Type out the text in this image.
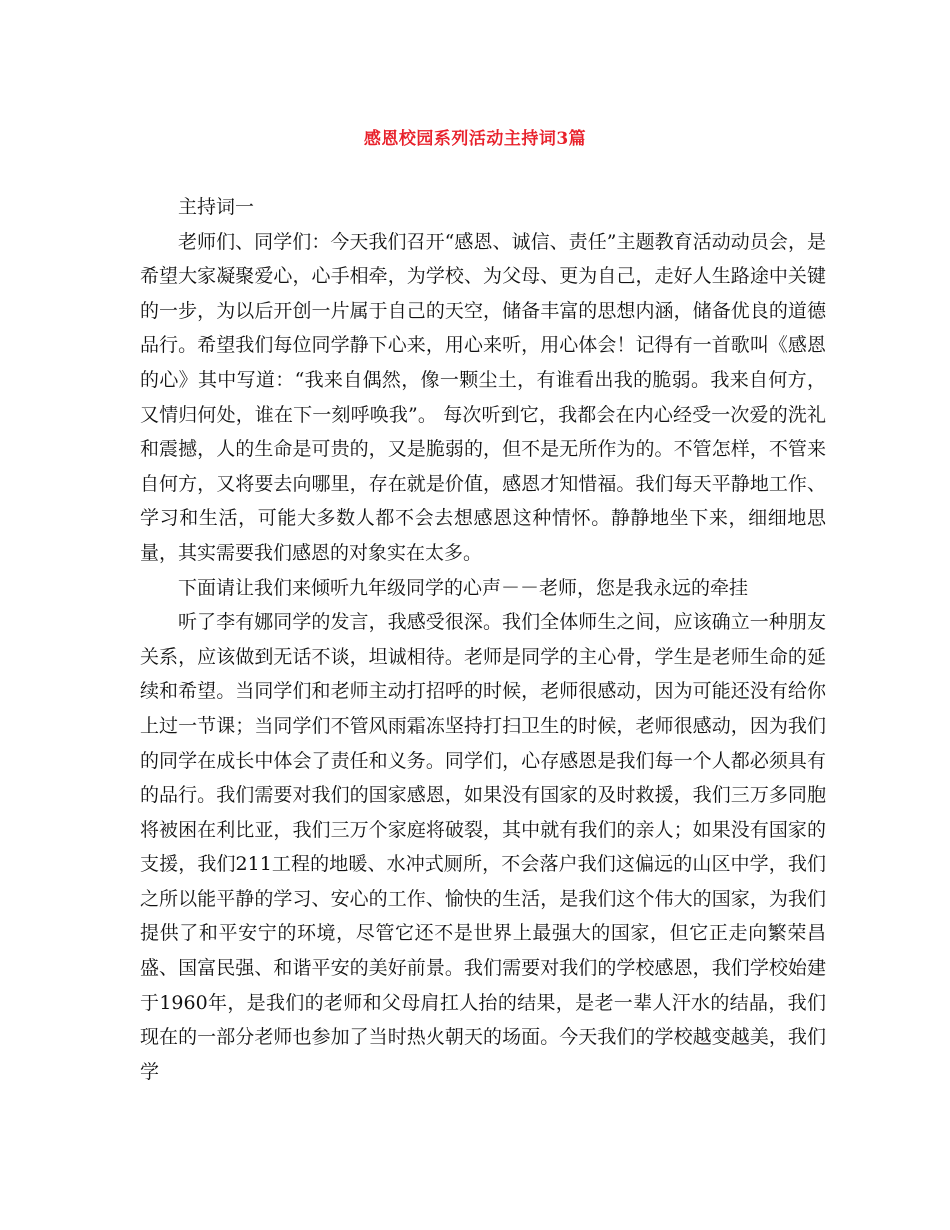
感恩校园系列活动主持词3篇

主持词一

老师们、同学们：今天我们召开“感恩、诚信、责任”主题教育活动动员会，是希望大家凝聚爱心，心手相牵，为学校、为父母、更为自己，走好人生路途中关键的一步，为以后开创一片属于自己的天空，储备丰富的思想内涵，储备优良的道德品行。希望我们每位同学静下心来，用心来听，用心体会！记得有一首歌叫《感恩的心》其中写道：“我来自偶然，像一颗尘土，有谁看出我的脆弱。我来自何方，又情归何处，谁在下一刻呼唤我”。 每次听到它，我都会在内心经受一次爱的洗礼和震撼，人的生命是可贵的，又是脆弱的，但不是无所作为的。不管怎样，不管来自何方，又将要去向哪里，存在就是价值，感恩才知惜福。我们每天平静地工作、学习和生活，可能大多数人都不会去想感恩这种情怀。静静地坐下来，细细地思量，其实需要我们感恩的对象实在太多。

下面请让我们来倾听九年级同学的心声－－老师，您是我永远的牵挂

听了李有娜同学的发言，我感受很深。我们全体师生之间，应该确立一种朋友关系，应该做到无话不谈，坦诚相待。老师是同学的主心骨，学生是老师生命的延续和希望。当同学们和老师主动打招呼的时候，老师很感动，因为可能还没有给你上过一节课；当同学们不管风雨霜冻坚持打扫卫生的时候，老师很感动，因为我们的同学在成长中体会了责任和义务。同学们，心存感恩是我们每一个人都必须具有的品行。我们需要对我们的国家感恩，如果没有国家的及时救援，我们三万多同胞将被困在利比亚，我们三万个家庭将破裂，其中就有我们的亲人；如果没有国家的支援，我们211工程的地暖、水冲式厕所，不会落户我们这偏远的山区中学，我们之所以能平静的学习、安心的工作、愉快的生活，是我们这个伟大的国家，为我们提供了和平安宁的环境，尽管它还不是世界上最强大的国家，但它正走向繁荣昌盛、国富民强、和谐平安的美好前景。我们需要对我们的学校感恩，我们学校始建于1960年，是我们的老师和父母肩扛人抬的结果，是老一辈人汗水的结晶，我们现在的一部分老师也参加了当时热火朝天的场面。今天我们的学校越变越美，我们学
